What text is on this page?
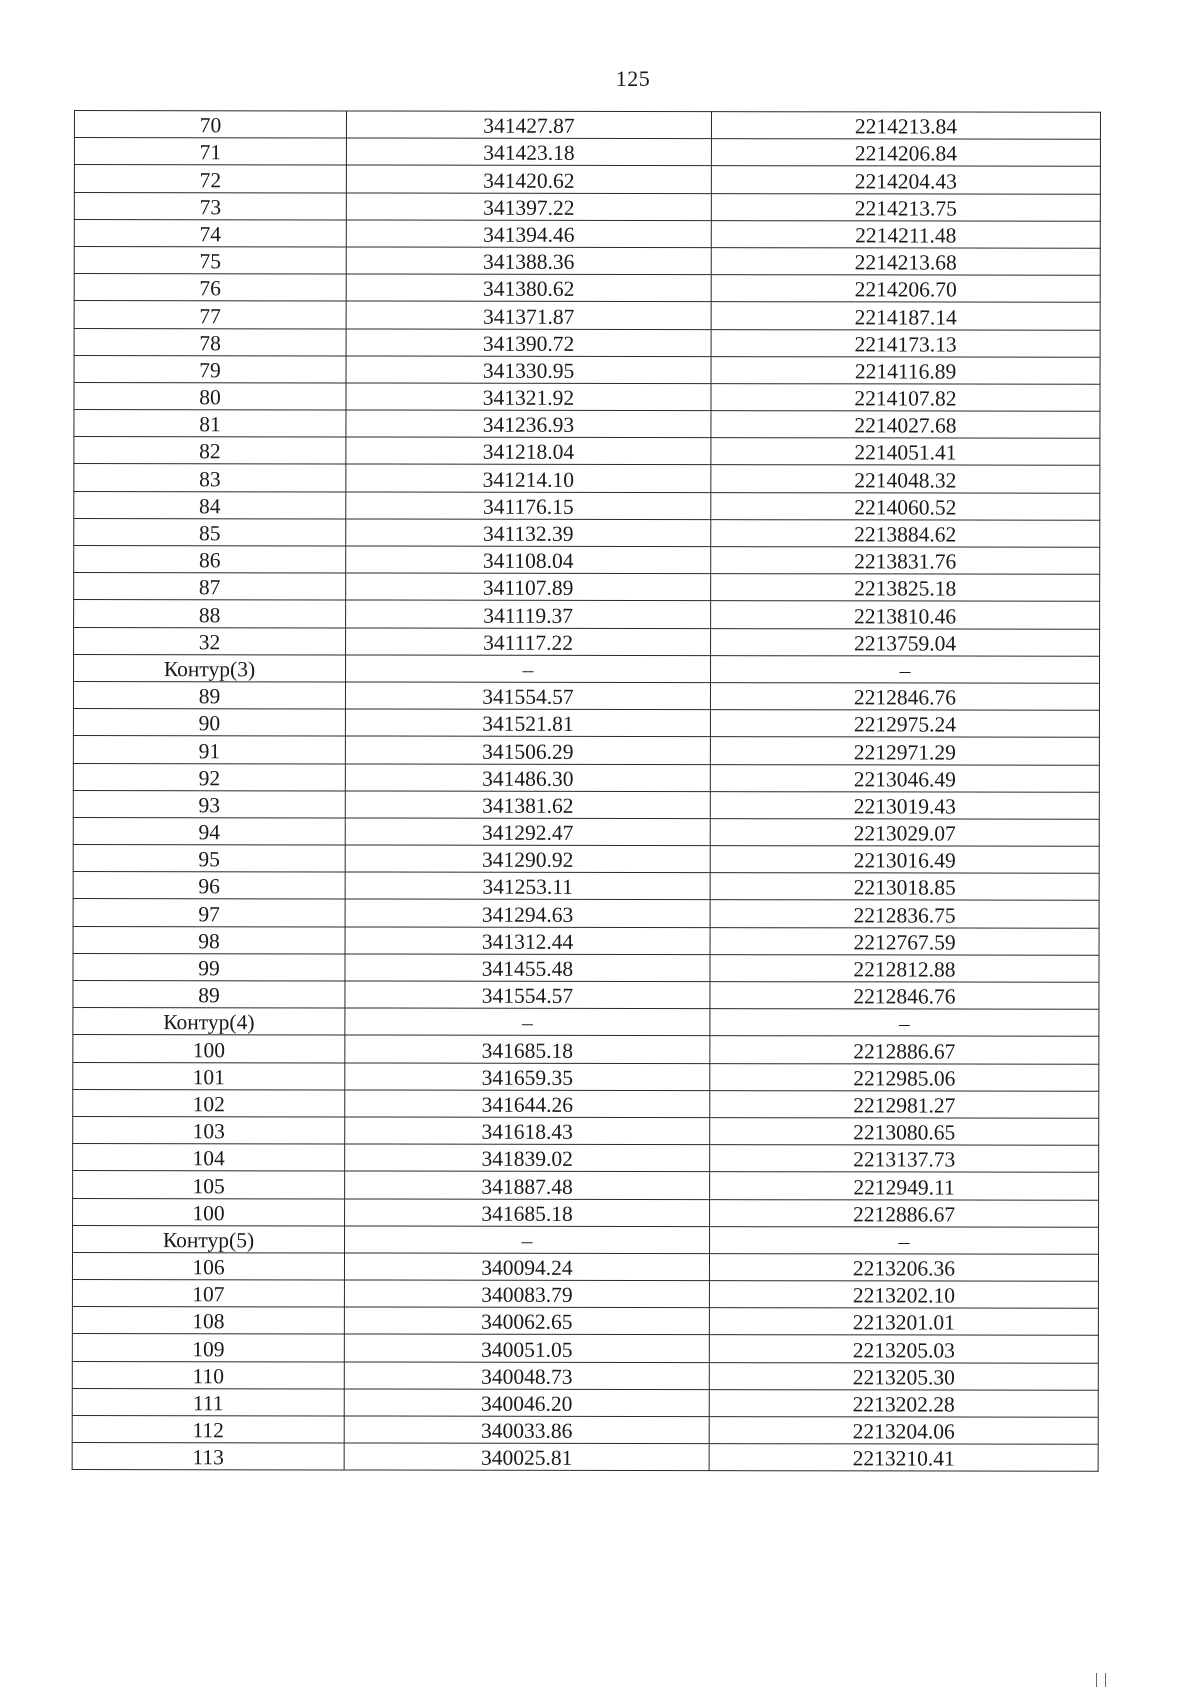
125
70	341427.87	2214213.84
71	341423.18	2214206.84
72	341420.62	2214204.43
73	341397.22	2214213.75
74	341394.46	2214211.48
75	341388.36	2214213.68
76	341380.62	2214206.70
77	341371.87	2214187.14
78	341390.72	2214173.13
79	341330.95	2214116.89
80	341321.92	2214107.82
81	341236.93	2214027.68
82	341218.04	2214051.41
83	341214.10	2214048.32
84	341176.15	2214060.52
85	341132.39	2213884.62
86	341108.04	2213831.76
87	341107.89	2213825.18
88	341119.37	2213810.46
32	341117.22	2213759.04
Контур(3)	–	–
89	341554.57	2212846.76
90	341521.81	2212975.24
91	341506.29	2212971.29
92	341486.30	2213046.49
93	341381.62	2213019.43
94	341292.47	2213029.07
95	341290.92	2213016.49
96	341253.11	2213018.85
97	341294.63	2212836.75
98	341312.44	2212767.59
99	341455.48	2212812.88
89	341554.57	2212846.76
Контур(4)	–	–
100	341685.18	2212886.67
101	341659.35	2212985.06
102	341644.26	2212981.27
103	341618.43	2213080.65
104	341839.02	2213137.73
105	341887.48	2212949.11
100	341685.18	2212886.67
Контур(5)	–	–
106	340094.24	2213206.36
107	340083.79	2213202.10
108	340062.65	2213201.01
109	340051.05	2213205.03
110	340048.73	2213205.30
111	340046.20	2213202.28
112	340033.86	2213204.06
113	340025.81	2213210.41
